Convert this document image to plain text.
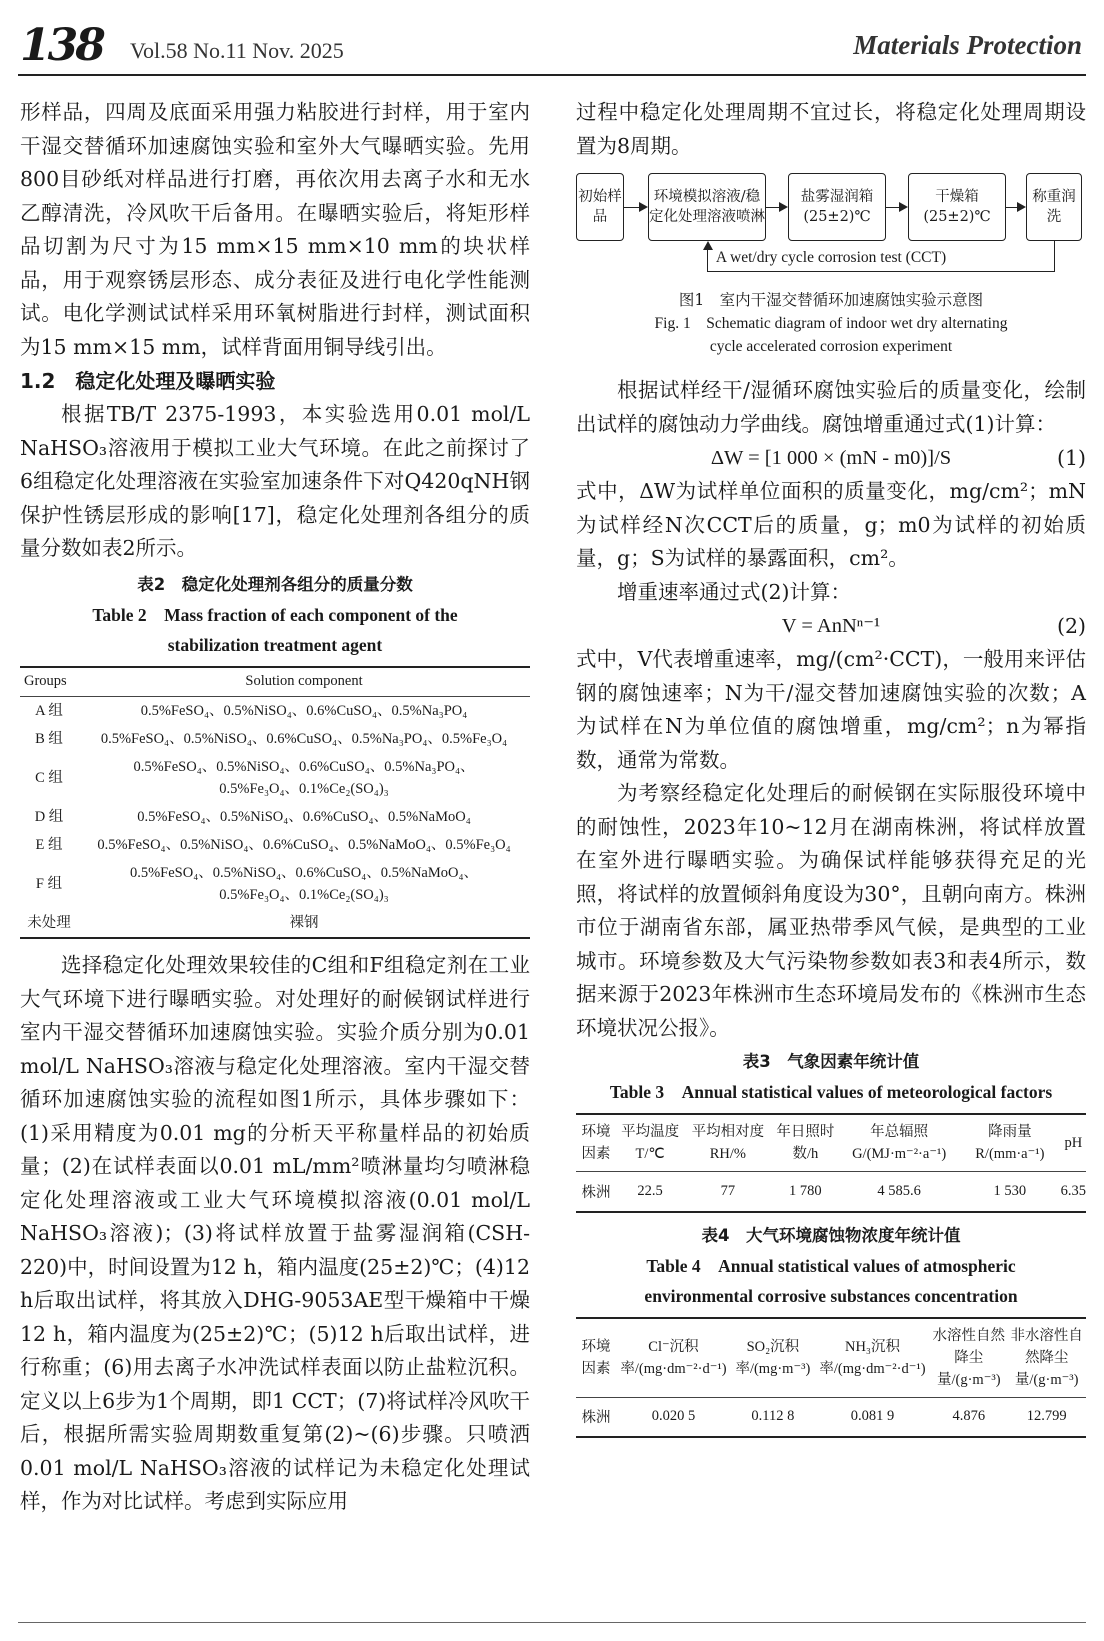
138 Vol.58 No.11 Nov. 2025	Materials Protection

形样品，四周及底面采用强力粘胶进行封样，用于室内干湿交替循环加速腐蚀实验和室外大气曝晒实验。先用800目砂纸对样品进行打磨，再依次用去离子水和无水乙醇清洗，冷风吹干后备用。在曝晒实验后，将矩形样品切割为尺寸为15 mm×15 mm×10 mm的块状样品，用于观察锈层形态、成分表征及进行电化学性能测试。电化学测试试样采用环氧树脂进行封样，测试面积为15 mm×15 mm，试样背面用铜导线引出。

1.2　稳定化处理及曝晒实验

根据TB/T 2375-1993，本实验选用0.01 mol/L NaHSO₃溶液用于模拟工业大气环境。在此之前探讨了6组稳定化处理溶液在实验室加速条件下对Q420qNH钢保护性锈层形成的影响[17]，稳定化处理剂各组分的质量分数如表2所示。

表2　稳定化处理剂各组分的质量分数
Table 2　Mass fraction of each component of the
stabilization treatment agent
Groups	Solution component
A 组	0.5%FeSO₄、0.5%NiSO₄、0.6%CuSO₄、0.5%Na₃PO₄

B 组	0.5%FeSO₄、0.5%NiSO₄、0.6%CuSO₄、0.5%Na₃PO₄、0.5%Fe₃O₄

C 组	0.5%FeSO₄、0.5%NiSO₄、0.6%CuSO₄、0.5%Na₃PO₄、
0.5%Fe₃O₄、0.1%Ce₂(SO₄)₃

D 组	0.5%FeSO₄、0.5%NiSO₄、0.6%CuSO₄、0.5%NaMoO₄

E 组	0.5%FeSO₄、0.5%NiSO₄、0.6%CuSO₄、0.5%NaMoO₄、0.5%Fe₃O₄

F 组	0.5%FeSO₄、0.5%NiSO₄、0.6%CuSO₄、0.5%NaMoO₄、
0.5%Fe₃O₄、0.1%Ce₂(SO₄)₃

未处理	裸钢

选择稳定化处理效果较佳的C组和F组稳定剂在工业大气环境下进行曝晒实验。对处理好的耐候钢试样进行室内干湿交替循环加速腐蚀实验。实验介质分别为0.01 mol/L NaHSO₃溶液与稳定化处理溶液。室内干湿交替循环加速腐蚀实验的流程如图1所示，具体步骤如下：(1)采用精度为0.01 mg的分析天平称量样品的初始质量；(2)在试样表面以0.01 mL/mm²喷淋量均匀喷淋稳定化处理溶液或工业大气环境模拟溶液(0.01 mol/L NaHSO₃溶液)；(3)将试样放置于盐雾湿润箱(CSH-220)中，时间设置为12 h，箱内温度(25±2)℃；(4)12 h后取出试样，将其放入DHG-9053AE型干燥箱中干燥12 h，箱内温度为(25±2)℃；(5)12 h后取出试样，进行称重；(6)用去离子水冲洗试样表面以防止盐粒沉积。定义以上6步为1个周期，即1 CCT；(7)将试样冷风吹干后，根据所需实验周期数重复第(2)~(6)步骤。只喷洒0.01 mol/L NaHSO₃溶液的试样记为未稳定化处理试样，作为对比试样。考虑到实际应用

过程中稳定化处理周期不宜过长，将稳定化处理周期设置为8周期。

初始样品
环境模拟溶液/稳定化处理溶液喷淋
盐雾湿润箱(25±2)℃
干燥箱(25±2)℃
称重润洗
A wet/dry cycle corrosion test (CCT)
图1　室内干湿交替循环加速腐蚀实验示意图
Fig. 1　Schematic diagram of indoor wet dry alternating
cycle accelerated corrosion experiment

根据试样经干/湿循环腐蚀实验后的质量变化，绘制出试样的腐蚀动力学曲线。腐蚀增重通过式(1)计算：

ΔW = [1 000 × (mN - m0)]/S	(1)

式中，ΔW为试样单位面积的质量变化，mg/cm²；mN为试样经N次CCT后的质量，g；m0为试样的初始质量，g；S为试样的暴露面积，cm²。

增重速率通过式(2)计算：

V = AnNⁿ⁻¹	(2)

式中，V代表增重速率，mg/(cm²·CCT)，一般用来评估钢的腐蚀速率；N为干/湿交替加速腐蚀实验的次数；A为试样在N为单位值的腐蚀增重，mg/cm²；n为幂指数，通常为常数。

为考察经稳定化处理后的耐候钢在实际服役环境中的耐蚀性，2023年10~12月在湖南株洲，将试样放置在室外进行曝晒实验。为确保试样能够获得充足的光照，将试样的放置倾斜角度设为30°，且朝向南方。株洲市位于湖南省东部，属亚热带季风气候，是典型的工业城市。环境参数及大气污染物参数如表3和表4所示，数据来源于2023年株洲市生态环境局发布的《株洲市生态环境状况公报》。

表3　气象因素年统计值
Table 3　Annual statistical values of meteorological factors
环境因素	平均温度T/℃	平均相对度RH/%	年日照时数/h	年总辐照G/(MJ·m⁻²·a⁻¹)	降雨量R/(mm·a⁻¹)	pH
株洲	22.5	77	1 780	4 585.6	1 530	6.35
表4　大气环境腐蚀物浓度年统计值
Table 4　Annual statistical values of atmospheric
environmental corrosive substances concentration
环境因素	Cl⁻沉积率/(mg·dm⁻²·d⁻¹)	SO₂沉积率/(mg·m⁻³)	NH₃沉积率/(mg·dm⁻²·d⁻¹)	水溶性自然降尘量/(g·m⁻³)	非水溶性自然降尘量/(g·m⁻³)
株洲	0.020 5	0.112 8	0.081 9	4.876	12.799
